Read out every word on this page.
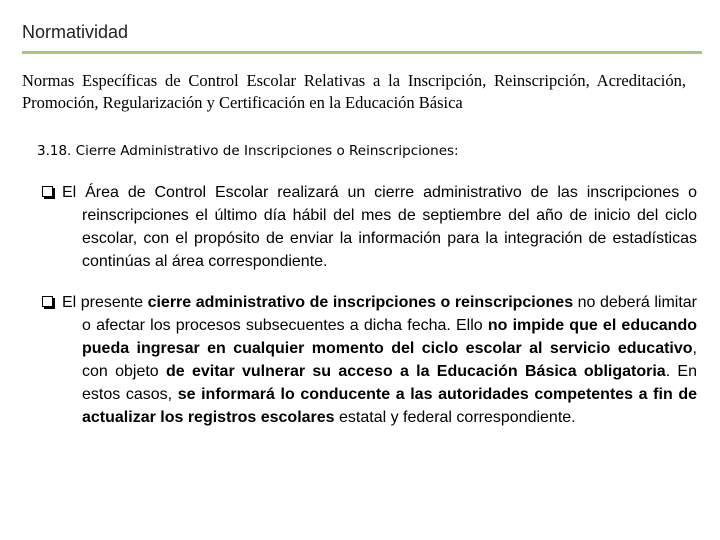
Normatividad
Normas Específicas de Control Escolar Relativas a la Inscripción, Reinscripción, Acreditación, Promoción, Regularización y Certificación en la Educación Básica
3.18. Cierre Administrativo de Inscripciones o Reinscripciones:
El Área de Control Escolar realizará un cierre administrativo de las inscripciones o reinscripciones el último día hábil del mes de septiembre del año de inicio del ciclo escolar, con el propósito de enviar la información para la integración de estadísticas continúas al área correspondiente.
El presente cierre administrativo de inscripciones o reinscripciones no deberá limitar o afectar los procesos subsecuentes a dicha fecha. Ello no impide que el educando pueda ingresar en cualquier momento del ciclo escolar al servicio educativo, con objeto de evitar vulnerar su acceso a la Educación Básica obligatoria. En estos casos, se informará lo conducente a las autoridades competentes a fin de actualizar los registros escolares estatal y federal correspondiente.
